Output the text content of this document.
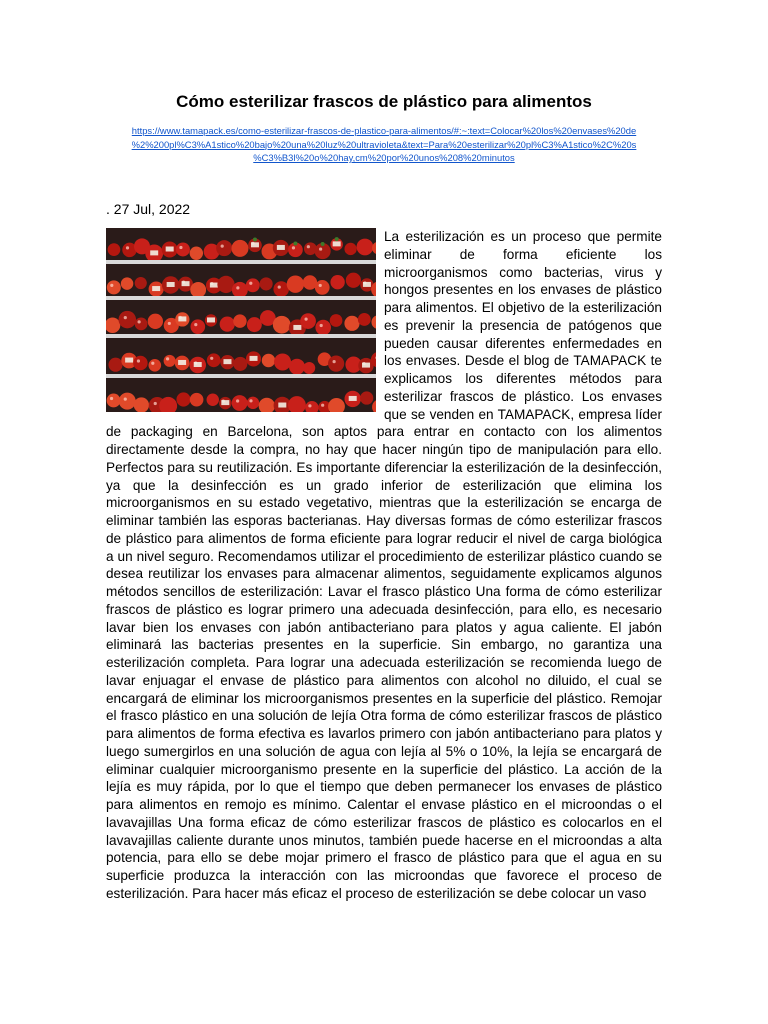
Cómo esterilizar frascos de plástico para alimentos
https://www.tamapack.es/como-esterilizar-frascos-de-plastico-para-alimentos/#:~:text=Colocar%20los%20envases%20de
%2%200pl%C3%A1stico%20bajo%20una%20luz%20ultravioleta&text=Para%20esterilizar%20pl%C3%A1stico%2C%20s
%C3%B3l%20o%20hay,cm%20por%20unos%208%20minutos

. 27 Jul, 2022

La esterilización es un proceso que permite eliminar de forma eficiente los microorganismos como bacterias, virus y hongos presentes en los envases de plástico para alimentos. El objetivo de la esterilización es prevenir la presencia de patógenos que pueden causar diferentes enfermedades en los envases. Desde el blog de TAMAPACK te explicamos los diferentes métodos para esterilizar frascos de plástico. Los envases que se venden en TAMAPACK, empresa líder de packaging en Barcelona, son aptos para entrar en contacto con los alimentos directamente desde la compra, no hay que hacer ningún tipo de manipulación para ello. Perfectos para su reutilización. Es importante diferenciar la esterilización de la desinfección, ya que la desinfección es un grado inferior de esterilización que elimina los microorganismos en su estado vegetativo, mientras que la esterilización se encarga de eliminar también las esporas bacterianas. Hay diversas formas de cómo esterilizar frascos de plástico para alimentos de forma eficiente para lograr reducir el nivel de carga biológica a un nivel seguro. Recomendamos utilizar el procedimiento de esterilizar plástico cuando se desea reutilizar los envases para almacenar alimentos, seguidamente explicamos algunos métodos sencillos de esterilización: Lavar el frasco plástico Una forma de cómo esterilizar frascos de plástico es lograr primero una adecuada desinfección, para ello, es necesario lavar bien los envases con jabón antibacteriano para platos y agua caliente. El jabón eliminará las bacterias presentes en la superficie. Sin embargo, no garantiza una esterilización completa. Para lograr una adecuada esterilización se recomienda luego de lavar enjuagar el envase de plástico para alimentos con alcohol no diluido, el cual se encargará de eliminar los microorganismos presentes en la superficie del plástico. Remojar el frasco plástico en una solución de lejía Otra forma de cómo esterilizar frascos de plástico para alimentos de forma efectiva es lavarlos primero con jabón antibacteriano para platos y luego sumergirlos en una solución de agua con lejía al 5% o 10%, la lejía se encargará de eliminar cualquier microorganismo presente en la superficie del plástico. La acción de la lejía es muy rápida, por lo que el tiempo que deben permanecer los envases de plástico para alimentos en remojo es mínimo. Calentar el envase plástico en el microondas o el lavavajillas Una forma eficaz de cómo esterilizar frascos de plástico es colocarlos en el lavavajillas caliente durante unos minutos, también puede hacerse en el microondas a alta potencia, para ello se debe mojar primero el frasco de plástico para que el agua en su superficie produzca la interacción con las microondas que favorece el proceso de esterilización. Para hacer más eficaz el proceso de esterilización se debe colocar un vaso
